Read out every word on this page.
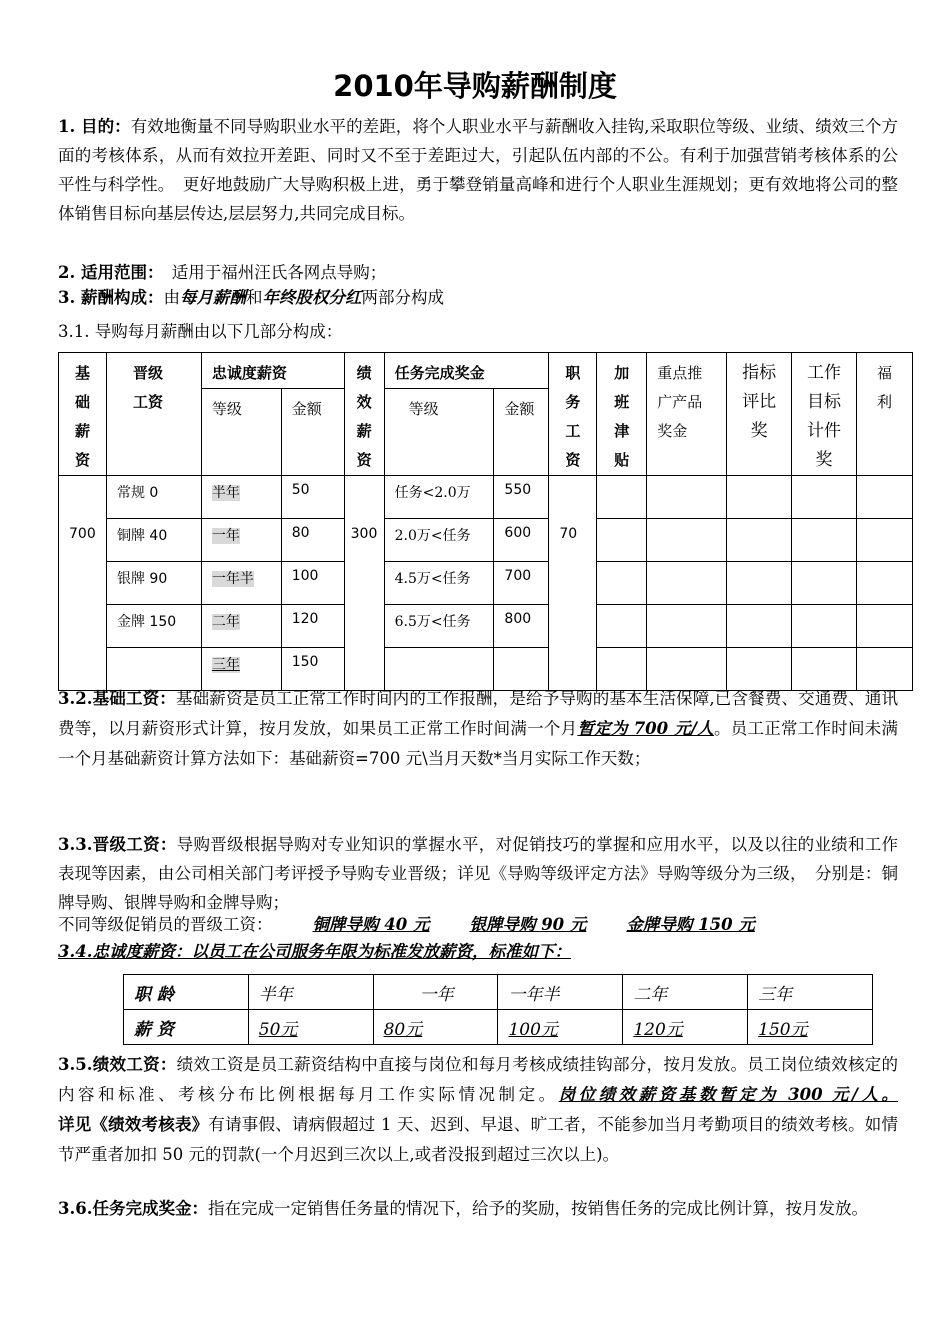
2010年导购薪酬制度
1. 目的：有效地衡量不同导购职业水平的差距，将个人职业水平与薪酬收入挂钩,采取职位等级、业绩、绩效三个方面的考核体系，从而有效拉开差距、同时又不至于差距过大，引起队伍内部的不公。有利于加强营销考核体系的公平性与科学性。　更好地鼓励广大导购积极上进，勇于攀登销量高峰和进行个人职业生涯规划；更有效地将公司的整体销售目标向基层传达,层层努力,共同完成目标。
2. 适用范围：　适用于福州汪氏各网点导购；
3. 薪酬构成：由每月薪酬和年终股权分红两部分构成
3.1. 导购每月薪酬由以下几部分构成：
基础薪资	晋级工资	忠诚度薪资		绩效薪资	任务完成奖金		职务工资	加班津贴	重点推广产品奖金	指标评比奖	工作目标计件奖	福利
		等级	金额		等级	金额						
700	常规 0	半年	50	300	任务<2.0万	550	70					
	铜牌 40	一年	80		2.0万<任务	600						
	银牌 90	一年半	100		4.5万<任务	700						
	金牌 150	二年	120		6.5万<任务	800						
		三年	150									
3.2.基础工资：基础薪资是员工正常工作时间内的工作报酬，是给予导购的基本生活保障,已含餐费、交通费、通讯费等，以月薪资形式计算，按月发放，如果员工正常工作时间满一个月暂定为 700 元/人。员工正常工作时间未满一个月基础薪资计算方法如下：基础薪资=700 元\当月天数*当月实际工作天数；
3.3.晋级工资：导购晋级根据导购对专业知识的掌握水平，对促销技巧的掌握和应用水平，以及以往的业绩和工作表现等因素，由公司相关部门考评授予导购专业晋级；详见《导购等级评定方法》导购等级分为三级，　分别是：铜牌导购、银牌导购和金牌导购；
不同等级促销员的晋级工资： 铜牌导购 40 元 银牌导购 90 元 金牌导购 150 元
3.4.忠诚度薪资：以员工在公司服务年限为标准发放薪资，标准如下：
职 龄	半年	一年	一年半	二年	三年
薪 资	50元	80元	100元	120元	150元
3.5.绩效工资：绩效工资是员工薪资结构中直接与岗位和每月考核成绩挂钩部分，按月发放。员工岗位绩效核定的内容和标准、考核分布比例根据每月工作实际情况制定。岗位绩效薪资基数暂定为 300 元/人。详见《绩效考核表》有请事假、请病假超过 1 天、迟到、早退、旷工者，不能参加当月考勤项目的绩效考核。如情节严重者加扣 50 元的罚款(一个月迟到三次以上,或者没报到超过三次以上)。
3.6.任务完成奖金：指在完成一定销售任务量的情况下，给予的奖励，按销售任务的完成比例计算，按月发放。
